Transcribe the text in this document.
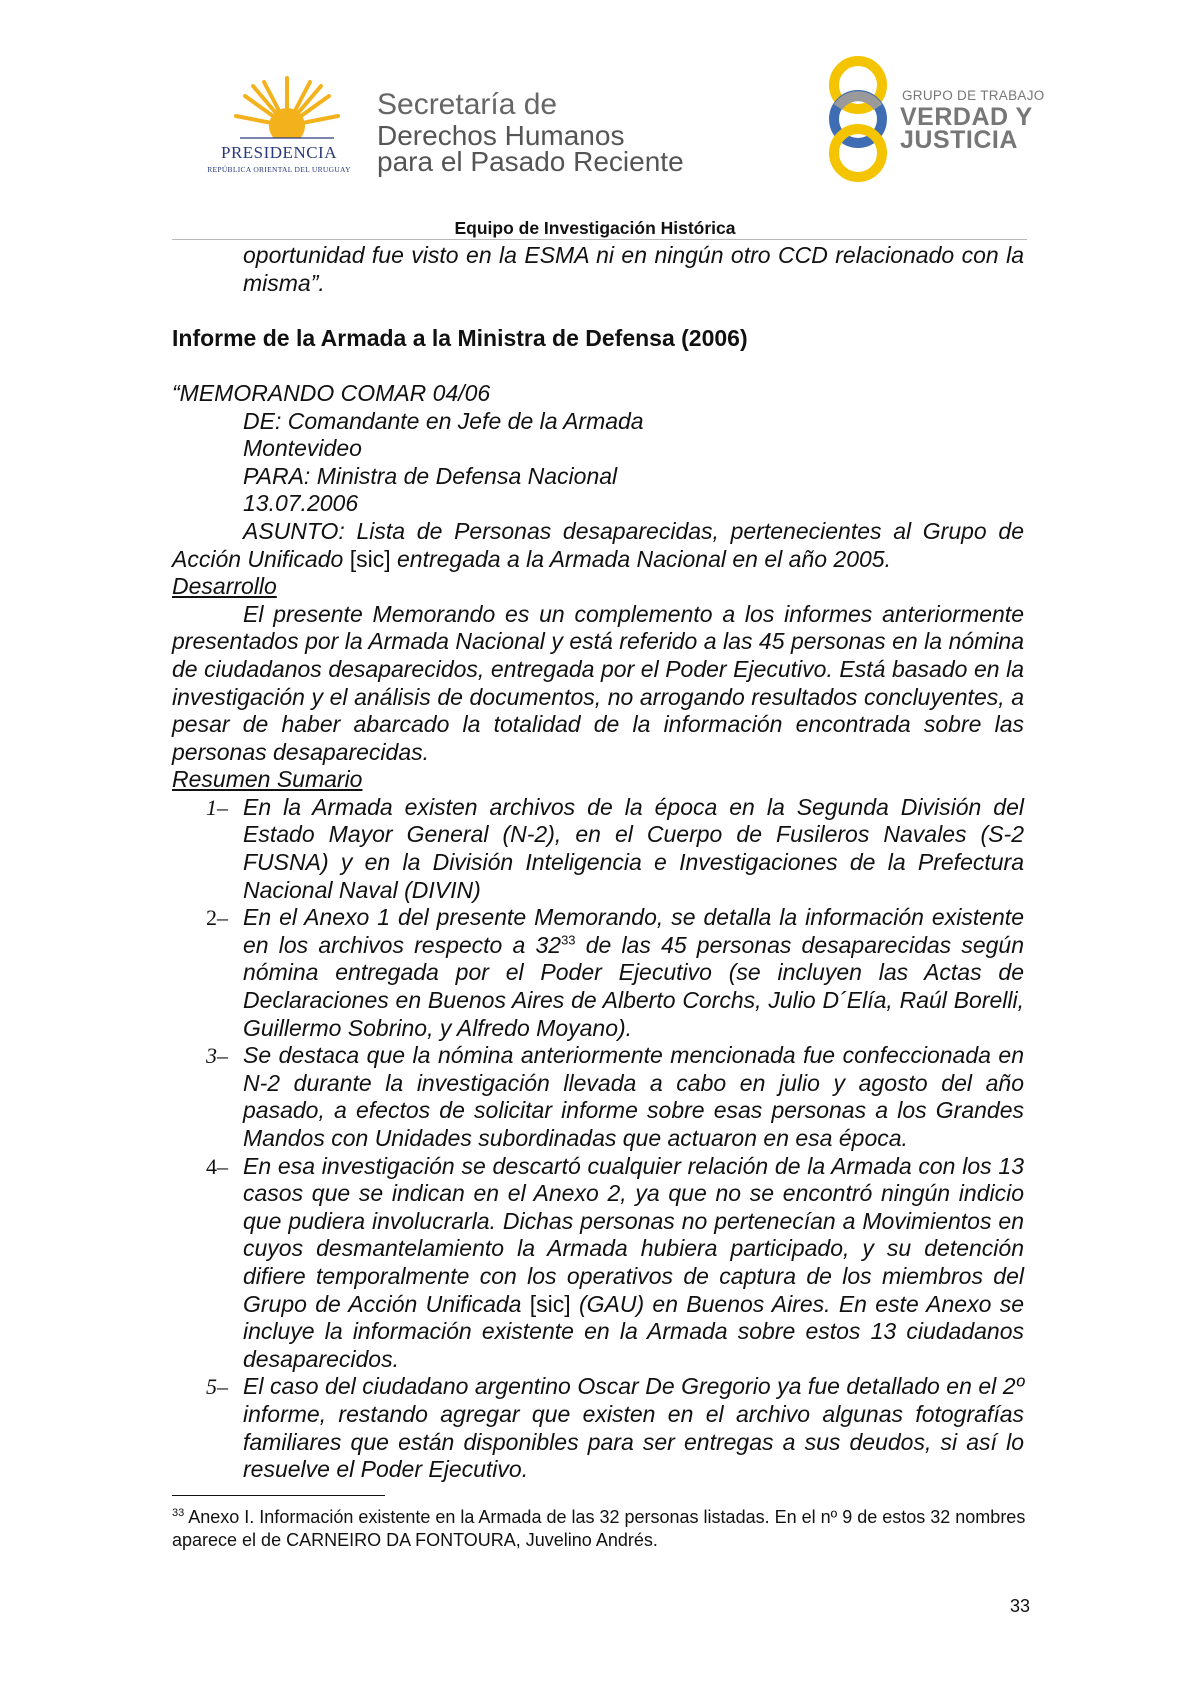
PRESIDENCIA
REPÚBLICA ORIENTAL DEL URUGUAY
Secretaría de
Derechos Humanos
para el Pasado Reciente
GRUPO DE TRABAJO
VERDAD Y
JUSTICIA
Equipo de Investigación Histórica

oportunidad fue visto en la ESMA ni en ningún otro CCD relacionado con la misma”.

Informe de la Armada a la Ministra de Defensa (2006)

“MEMORANDO COMAR 04/06

DE: Comandante en Jefe de la Armada

Montevideo

PARA: Ministra de Defensa Nacional

13.07.2006

ASUNTO: Lista de Personas desaparecidas, pertenecientes al Grupo de Acción Unificado [sic] entregada a la Armada Nacional en el año 2005.

Desarrollo

El presente Memorando es un complemento a los informes anteriormente presentados por la Armada Nacional y está referido a las 45 personas en la nómina de ciudadanos desaparecidos, entregada por el Poder Ejecutivo. Está basado en la investigación y el análisis de documentos, no arrogando resultados concluyentes, a pesar de haber abarcado la totalidad de la información encontrada sobre las personas desaparecidas.

Resumen Sumario

1– En la Armada existen archivos de la época en la Segunda División del Estado Mayor General (N-2), en el Cuerpo de Fusileros Navales (S-2 FUSNA) y en la División Inteligencia e Investigaciones de la Prefectura Nacional Naval (DIVIN)
2– En el Anexo 1 del presente Memorando, se detalla la información existente en los archivos respecto a $32^{33}$ de las 45 personas desaparecidas según nómina entregada por el Poder Ejecutivo (se incluyen las Actas de Declaraciones en Buenos Aires de Alberto Corchs, Julio D´Elía, Raúl Borelli, Guillermo Sobrino, y Alfredo Moyano).
3– Se destaca que la nómina anteriormente mencionada fue confeccionada en N-2 durante la investigación llevada a cabo en julio y agosto del año pasado, a efectos de solicitar informe sobre esas personas a los Grandes Mandos con Unidades subordinadas que actuaron en esa época.
4– En esa investigación se descartó cualquier relación de la Armada con los 13 casos que se indican en el Anexo 2, ya que no se encontró ningún indicio que pudiera involucrarla. Dichas personas no pertenecían a Movimientos en cuyos desmantelamiento la Armada hubiera participado, y su detención difiere temporalmente con los operativos de captura de los miembros del Grupo de Acción Unificada [sic] (GAU) en Buenos Aires. En este Anexo se incluye la información existente en la Armada sobre estos 13 ciudadanos desaparecidos.
5– El caso del ciudadano argentino Oscar De Gregorio ya fue detallado en el 2º informe, restando agregar que existen en el archivo algunas fotografías familiares que están disponibles para ser entregas a sus deudos, si así lo resuelve el Poder Ejecutivo.
$^{33}$ Anexo I. Información existente en la Armada de las 32 personas listadas. En el nº 9 de estos 32 nombres aparece el de CARNEIRO DA FONTOURA, Juvelino Andrés.
33
